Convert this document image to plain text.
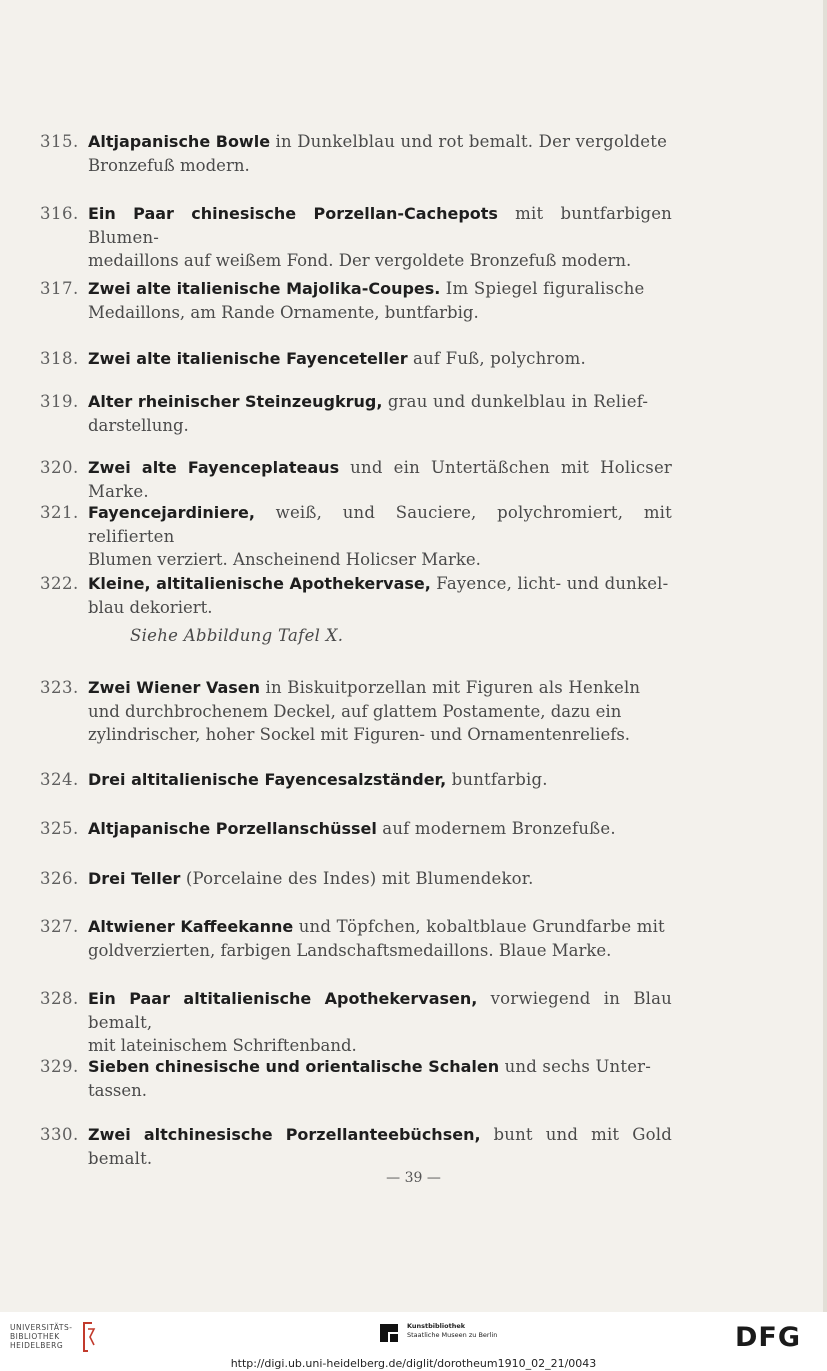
315. Altjapanische Bowle in Dunkelblau und rot bemalt. Der vergoldete
Bronzefuß modern.
316. Ein Paar chinesische Porzellan-Cachepots mit buntfarbigen Blumen-
medaillons auf weißem Fond. Der vergoldete Bronzefuß modern.
317. Zwei alte italienische Majolika-Coupes. Im Spiegel figuralische
Medaillons, am Rande Ornamente, buntfarbig.
318. Zwei alte italienische Fayenceteller auf Fuß, polychrom.
319. Alter rheinischer Steinzeugkrug, grau und dunkelblau in Relief-
darstellung.
320. Zwei alte Fayenceplateaus und ein Untertäßchen mit Holicser Marke.
321. Fayencejardiniere, weiß, und Sauciere, polychromiert, mit relifierten
Blumen verziert. Anscheinend Holicser Marke.
322. Kleine, altitalienische Apothekervase, Fayence, licht- und dunkel-
blau dekoriert.
323. Zwei Wiener Vasen in Biskuitporzellan mit Figuren als Henkeln
und durchbrochenem Deckel, auf glattem Postamente, dazu ein
zylindrischer, hoher Sockel mit Figuren- und Ornamentenreliefs.
324. Drei altitalienische Fayencesalzständer, buntfarbig.
325. Altjapanische Porzellanschüssel auf modernem Bronzefuße.
326. Drei Teller (Porcelaine des Indes) mit Blumendekor.
327. Altwiener Kaffeekanne und Töpfchen, kobaltblaue Grundfarbe mit
goldverzierten, farbigen Landschaftsmedaillons. Blaue Marke.
328. Ein Paar altitalienische Apothekervasen, vorwiegend in Blau bemalt,
mit lateinischem Schriftenband.
329. Sieben chinesische und orientalische Schalen und sechs Unter-
tassen.
330. Zwei altchinesische Porzellanteebüchsen, bunt und mit Gold bemalt.
Siehe Abbildung Tafel X.
— 39 —
UNIVERSITÄTS-
BIBLIOTHEK
HEIDELBERG
Kunstbibliothek
Staatliche Museen zu Berlin	DFG
http://digi.ub.uni-heidelberg.de/diglit/dorotheum1910_02_21/0043
